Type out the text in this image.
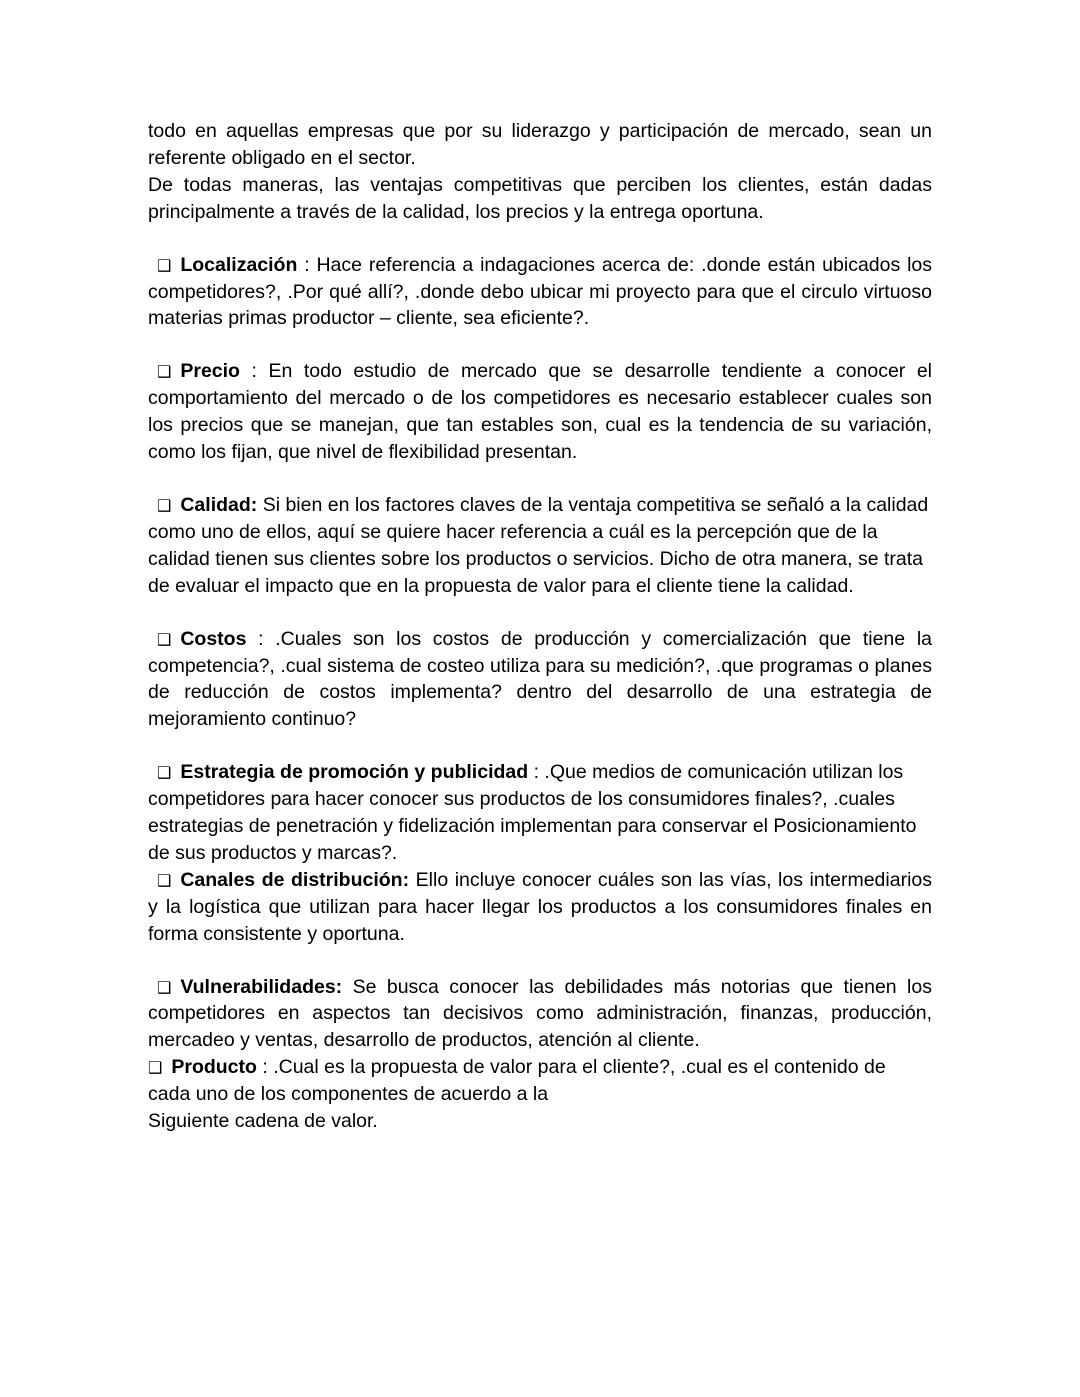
todo en aquellas empresas que por su liderazgo y participación de mercado, sean un referente obligado en el sector.

De todas maneras, las ventajas competitivas que perciben los clientes, están dadas principalmente a través de la calidad, los precios y la entrega oportuna.

❑ Localización : Hace referencia a indagaciones acerca de: .donde están ubicados los competidores?, .Por qué allí?, .donde debo ubicar mi proyecto para que el circulo virtuoso materias primas productor – cliente, sea eficiente?.

❑ Precio : En todo estudio de mercado que se desarrolle tendiente a conocer el comportamiento del mercado o de los competidores es necesario establecer cuales son los precios que se manejan, que tan estables son, cual es la tendencia de su variación, como los fijan, que nivel de flexibilidad presentan.

❑ Calidad: Si bien en los factores claves de la ventaja competitiva se señaló a la calidad como uno de ellos, aquí se quiere hacer referencia a cuál es la percepción que de la calidad tienen sus clientes sobre los productos o servicios. Dicho de otra manera, se trata de evaluar el impacto que en la propuesta de valor para el cliente tiene la calidad.

❑ Costos : .Cuales son los costos de producción y comercialización que tiene la competencia?, .cual sistema de costeo utiliza para su medición?, .que programas o planes de reducción de costos implementa? dentro del desarrollo de una estrategia de mejoramiento continuo?

❑ Estrategia de promoción y publicidad : .Que medios de comunicación utilizan los competidores para hacer conocer sus productos de los consumidores finales?, .cuales estrategias de penetración y fidelización implementan para conservar el Posicionamiento de sus productos y marcas?.

❑ Canales de distribución: Ello incluye conocer cuáles son las vías, los intermediarios y la logística que utilizan para hacer llegar los productos a los consumidores finales en forma consistente y oportuna.

❑ Vulnerabilidades: Se busca conocer las debilidades más notorias que tienen los competidores en aspectos tan decisivos como administración, finanzas, producción, mercadeo y ventas, desarrollo de productos, atención al cliente.

❑ Producto : .Cual es la propuesta de valor para el cliente?, .cual es el contenido de cada uno de los componentes de acuerdo a la

Siguiente cadena de valor.
